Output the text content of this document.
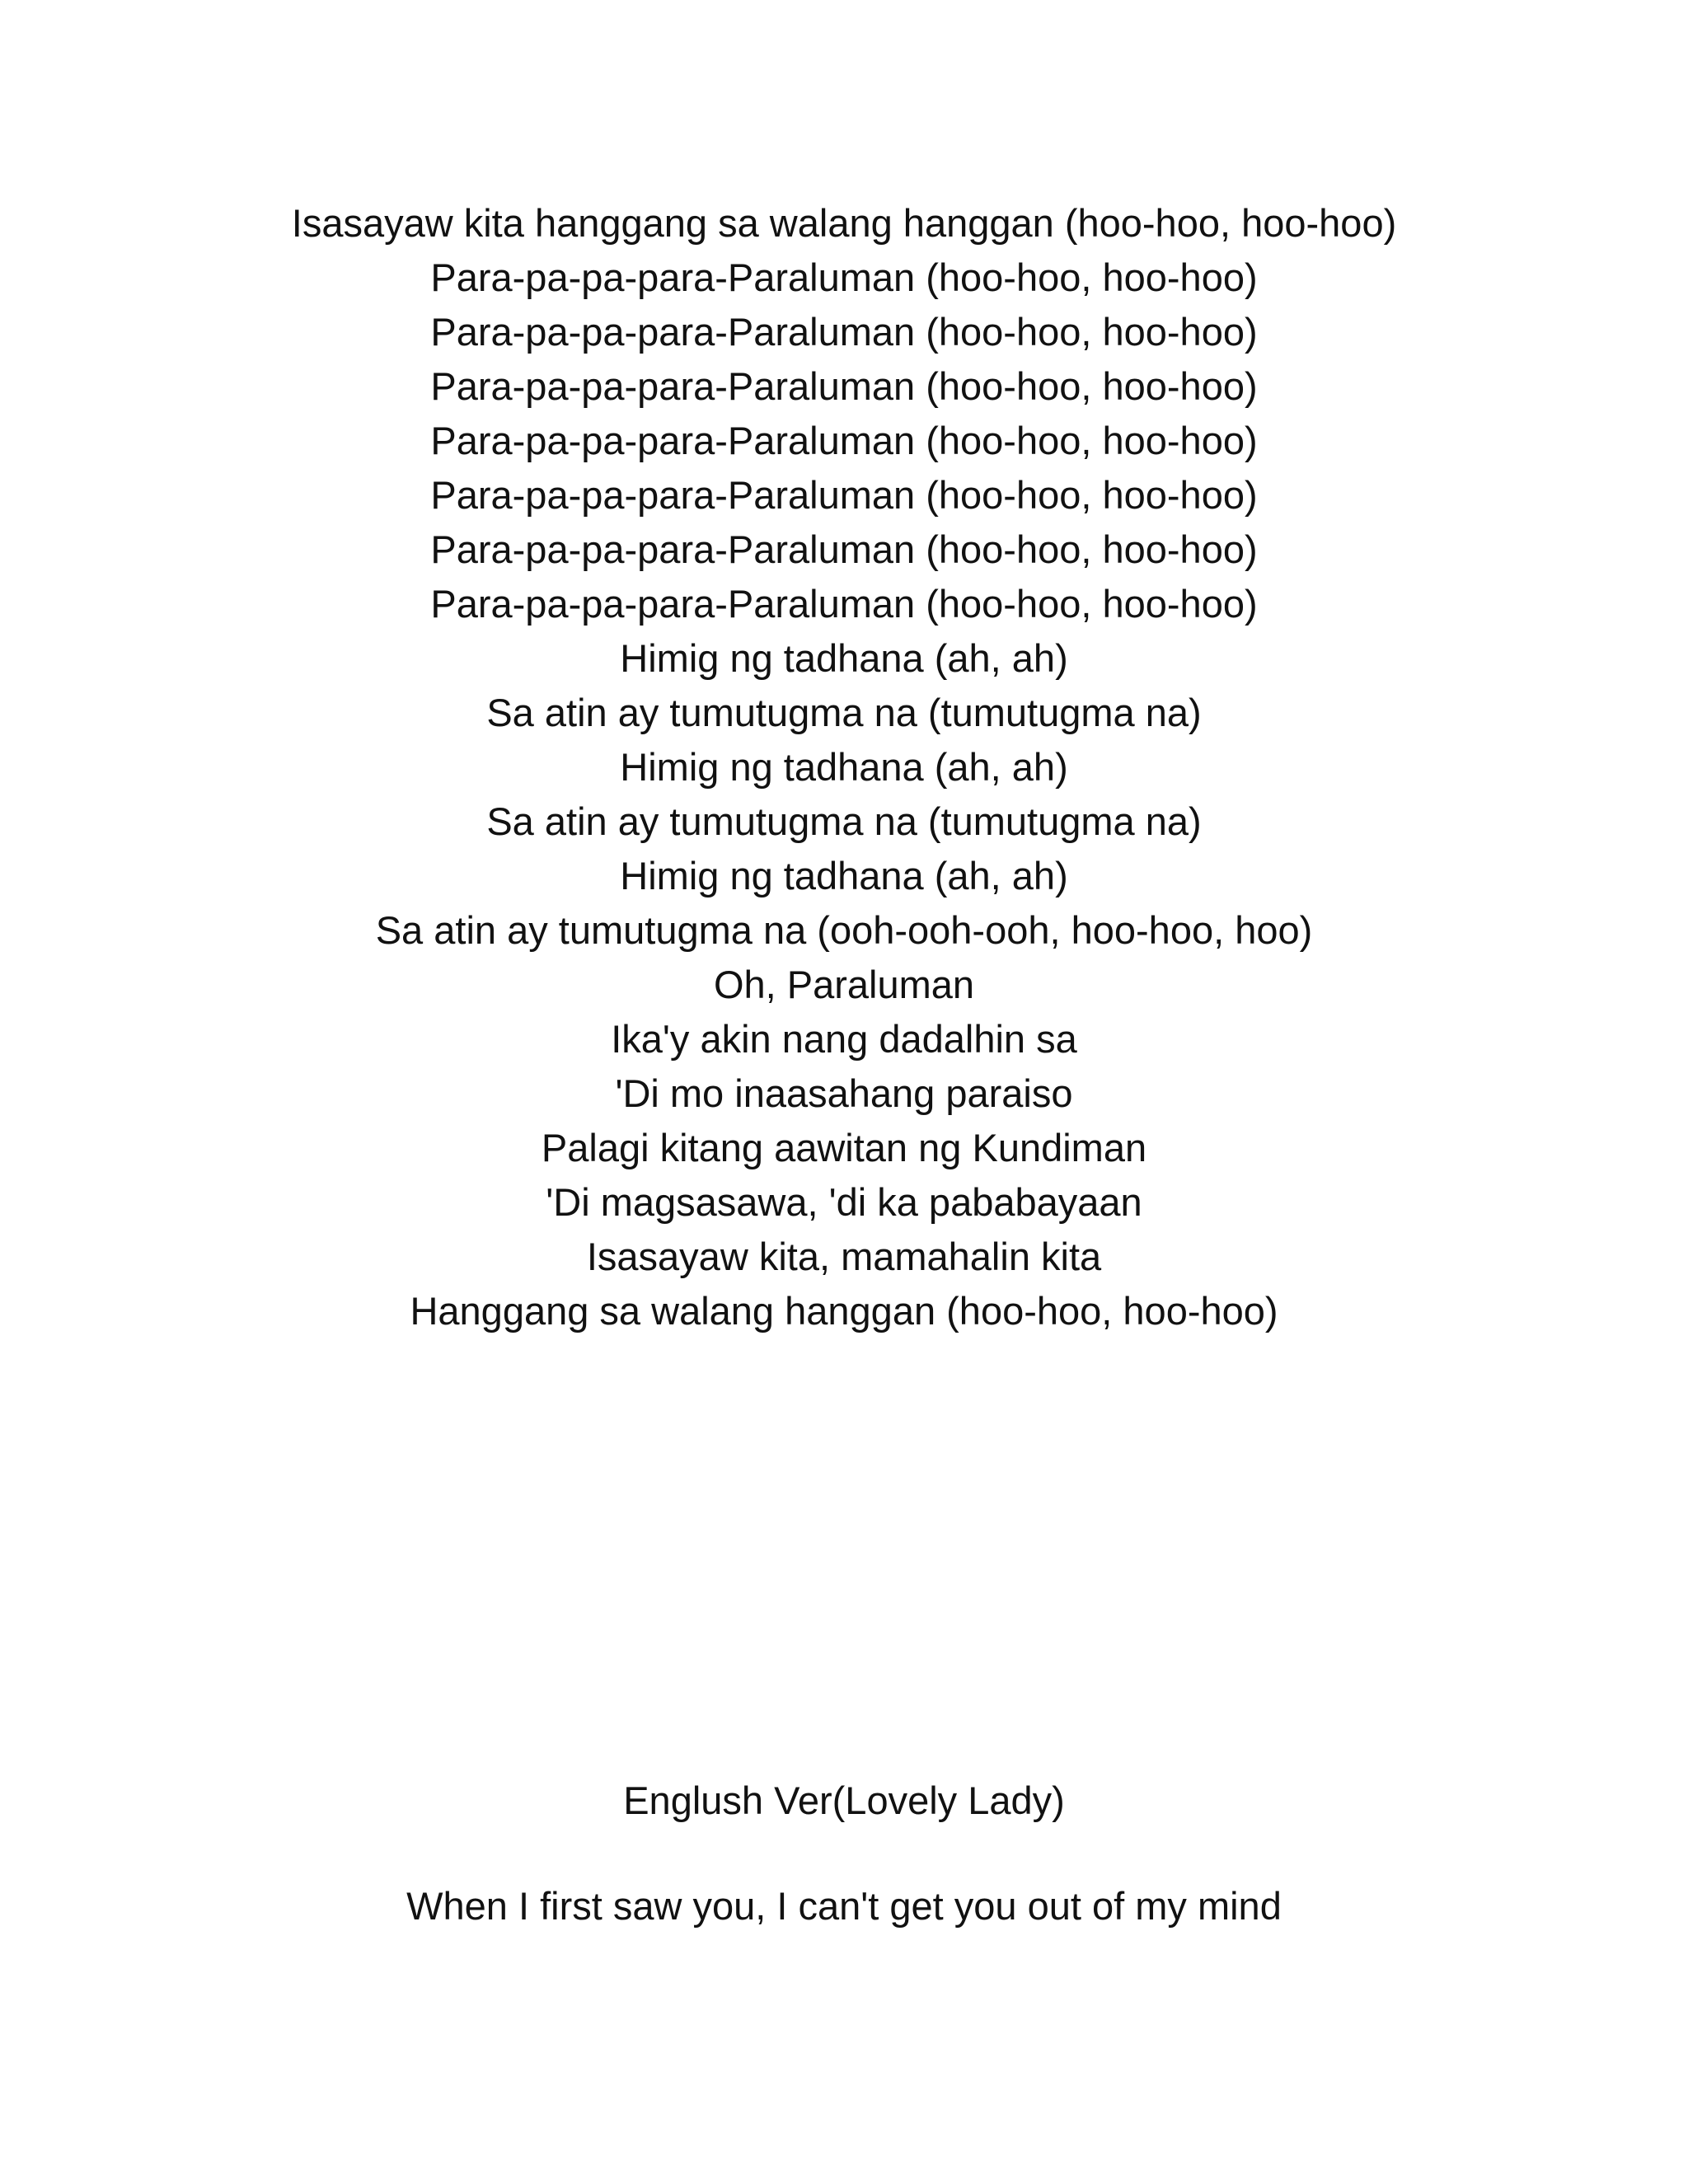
Isasayaw kita hanggang sa walang hanggan (hoo-hoo, hoo-hoo)
Para-pa-pa-para-Paraluman (hoo-hoo, hoo-hoo)
Para-pa-pa-para-Paraluman (hoo-hoo, hoo-hoo)
Para-pa-pa-para-Paraluman (hoo-hoo, hoo-hoo)
Para-pa-pa-para-Paraluman (hoo-hoo, hoo-hoo)
Para-pa-pa-para-Paraluman (hoo-hoo, hoo-hoo)
Para-pa-pa-para-Paraluman (hoo-hoo, hoo-hoo)
Para-pa-pa-para-Paraluman (hoo-hoo, hoo-hoo)
Himig ng tadhana (ah, ah)
Sa atin ay tumutugma na (tumutugma na)
Himig ng tadhana (ah, ah)
Sa atin ay tumutugma na (tumutugma na)
Himig ng tadhana (ah, ah)
Sa atin ay tumutugma na (ooh-ooh-ooh, hoo-hoo, hoo)
Oh, Paraluman
Ika'y akin nang dadalhin sa
'Di mo inaasahang paraiso
Palagi kitang aawitan ng Kundiman
'Di magsasawa, 'di ka pababayaan
Isasayaw kita, mamahalin kita
Hanggang sa walang hanggan (hoo-hoo, hoo-hoo)
Englush Ver(Lovely Lady)
When I first saw you, I can't get you out of my mind
